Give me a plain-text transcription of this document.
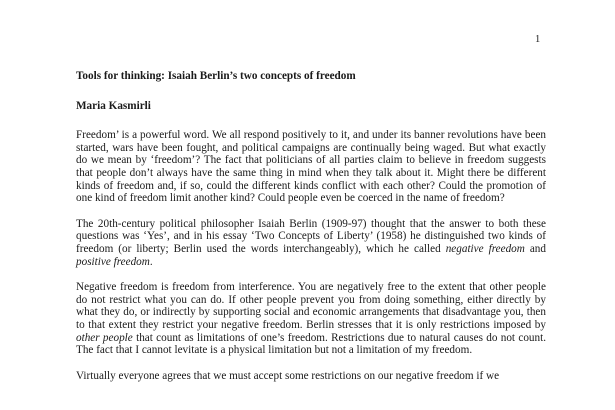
1

Tools for thinking: Isaiah Berlin’s two concepts of freedom

Maria Kasmirli

Freedom’ is a powerful word. We all respond positively to it, and under its banner revolutions have been started, wars have been fought, and political campaigns are continually being waged. But what exactly do we mean by ‘freedom’? The fact that politicians of all parties claim to believe in freedom suggests that people don’t always have the same thing in mind when they talk about it. Might there be different kinds of freedom and, if so, could the different kinds conflict with each other? Could the promotion of one kind of freedom limit another kind? Could people even be coerced in the name of freedom?

The 20th-century political philosopher Isaiah Berlin (1909-97) thought that the answer to both these questions was ‘Yes’, and in his essay ‘Two Concepts of Liberty’ (1958) he distinguished two kinds of freedom (or liberty; Berlin used the words interchangeably), which he called negative freedom and positive freedom.

Negative freedom is freedom from interference. You are negatively free to the extent that other people do not restrict what you can do. If other people prevent you from doing something, either directly by what they do, or indirectly by supporting social and economic arrangements that disadvantage you, then to that extent they restrict your negative freedom. Berlin stresses that it is only restrictions imposed by other people that count as limitations of one’s freedom. Restrictions due to natural causes do not count. The fact that I cannot levitate is a physical limitation but not a limitation of my freedom.

Virtually everyone agrees that we must accept some restrictions on our negative freedom if we
